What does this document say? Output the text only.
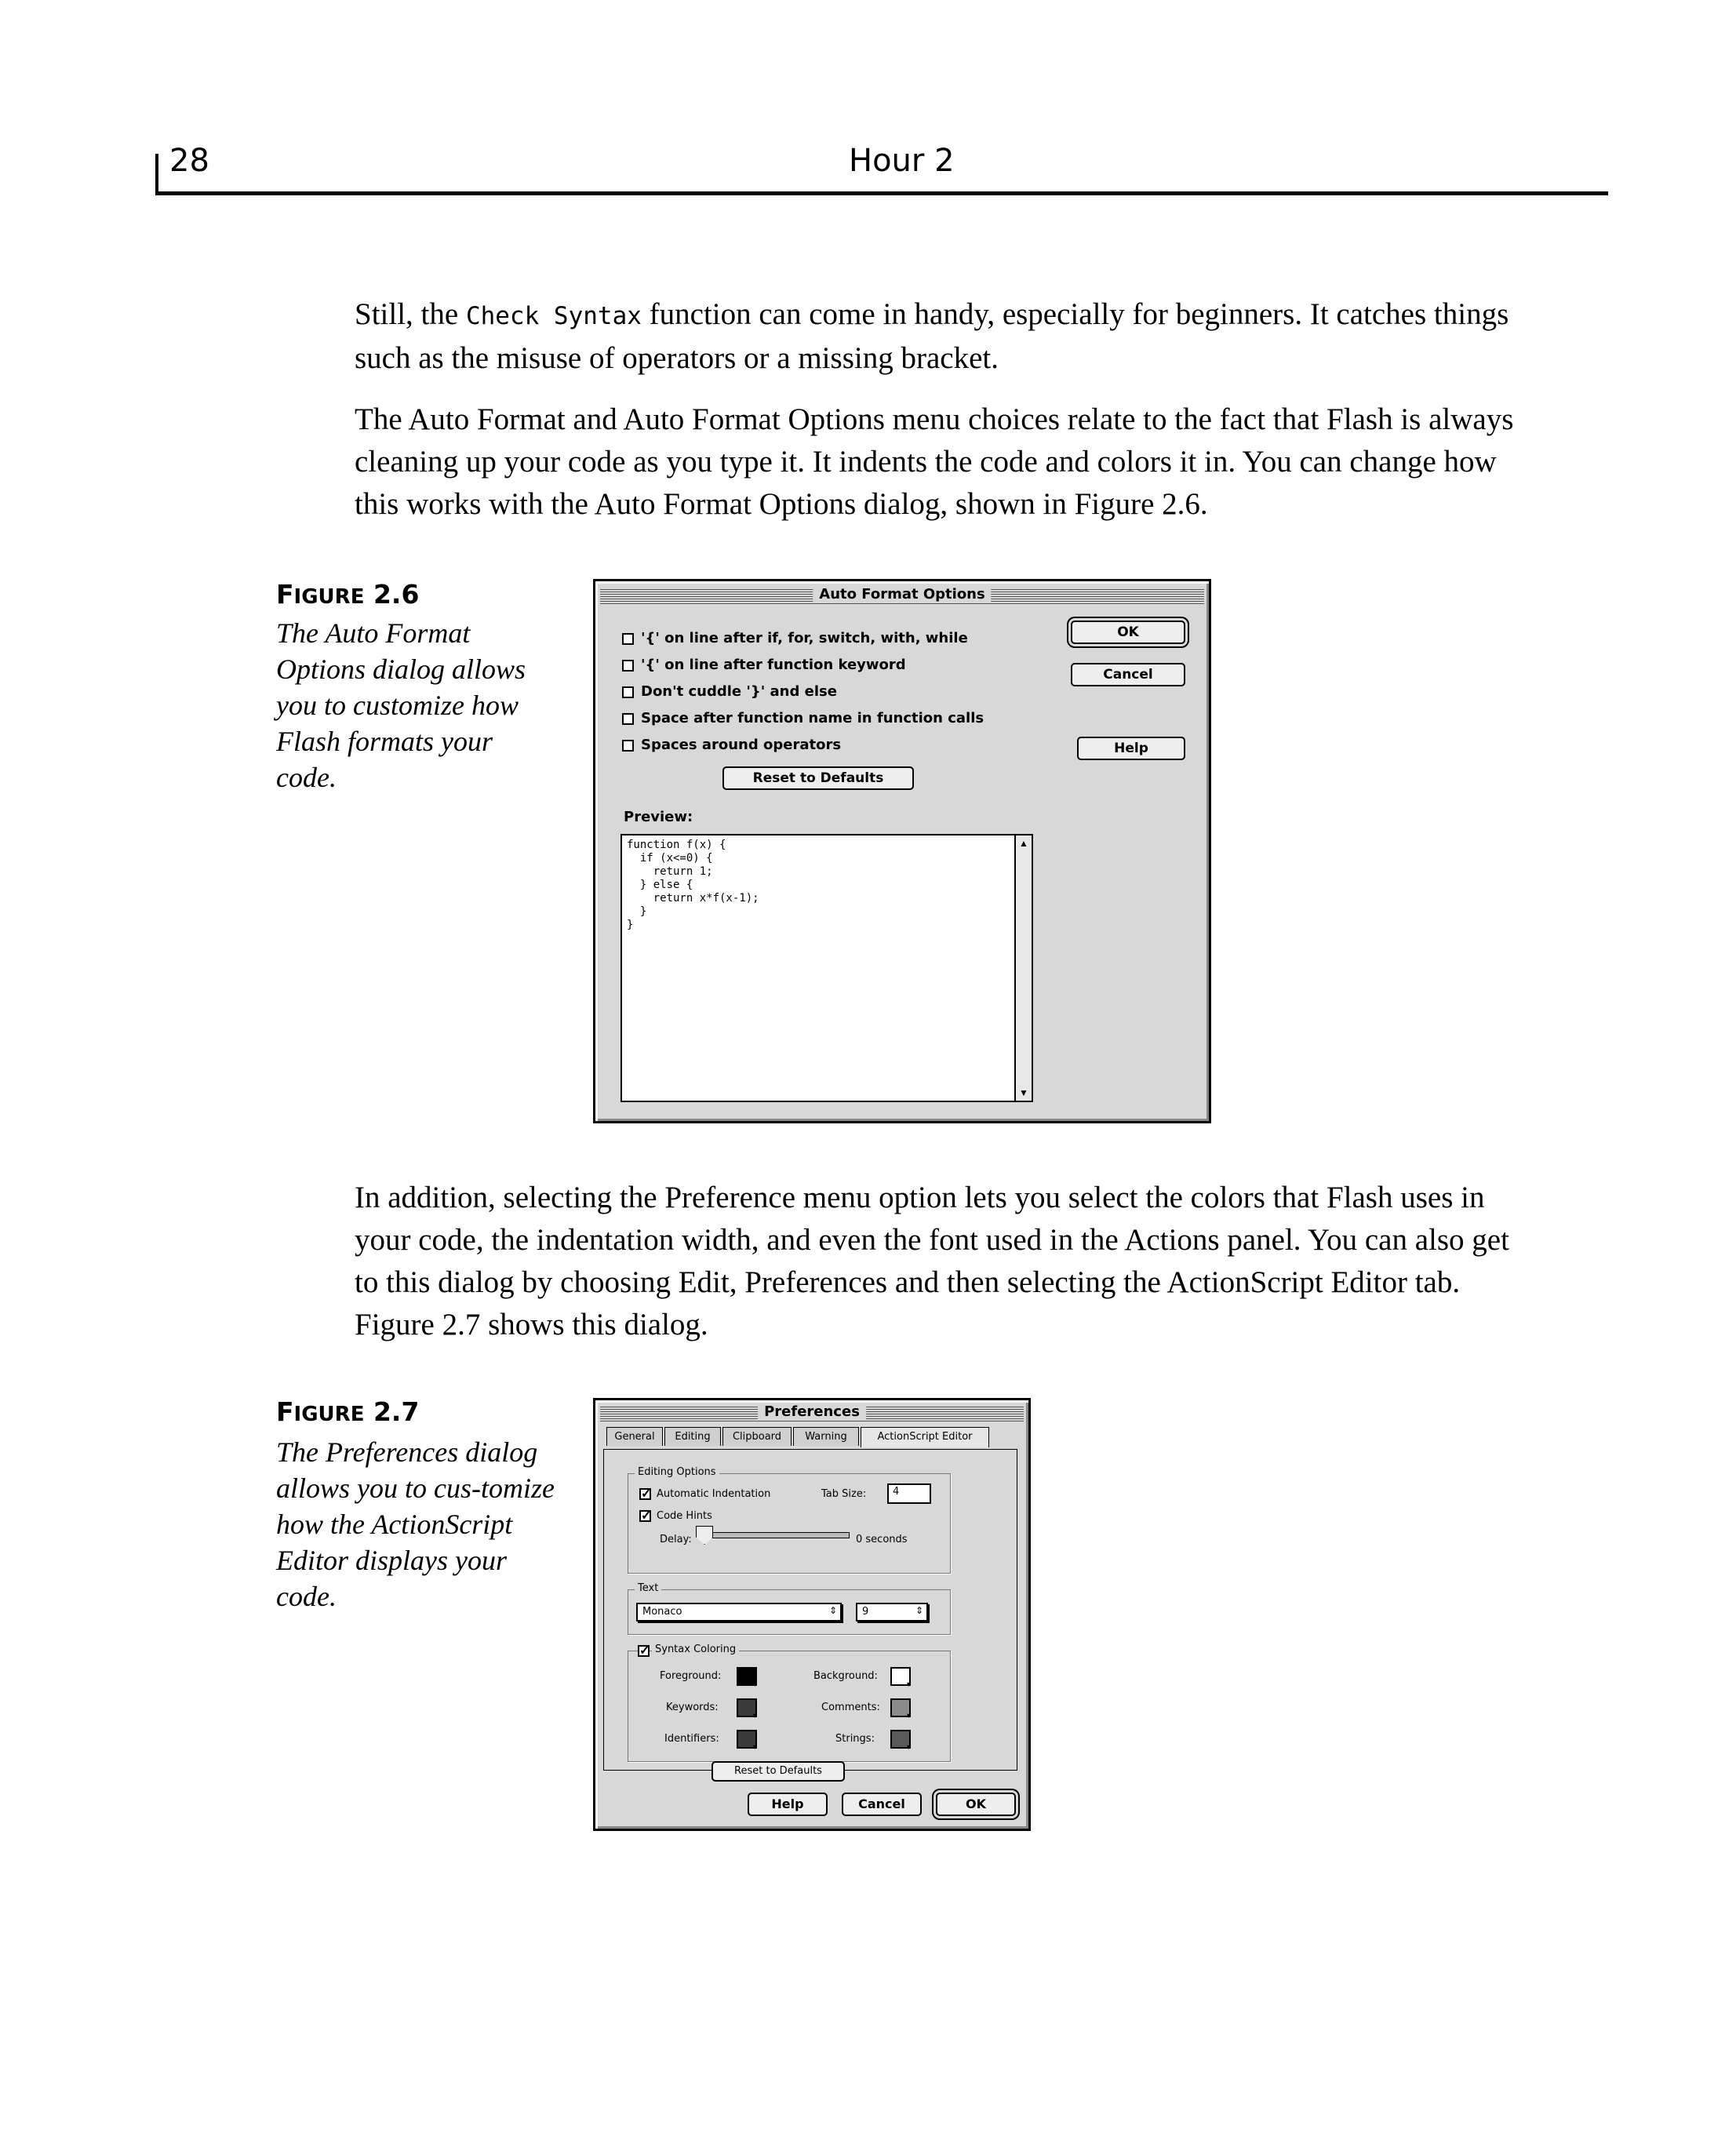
28	Hour 2

Still, the Check Syntax function can come in handy, especially for beginners. It catches things such as the misuse of operators or a missing bracket.

The Auto Format and Auto Format Options menu choices relate to the fact that Flash is always cleaning up your code as you type it. It indents the code and colors it in. You can change how this works with the Auto Format Options dialog, shown in Figure 2.6.

FIGURE 2.6

The Auto Format Options dialog allows you to customize how Flash formats your code.

Auto Format Options
'{' on line after if, for, switch, with, while
'{' on line after function keyword
Don't cuddle '}' and else
Space after function name in function calls
Spaces around operators
OK
Cancel
Help
Reset to Defaults
Preview:
function f(x) {
if (x<=0) {
return 1;
} else {
return x*f(x-1);
}
}
▲
▼

In addition, selecting the Preference menu option lets you select the colors that Flash uses in your code, the indentation width, and even the font used in the Actions panel. You can also get to this dialog by choosing Edit, Preferences and then selecting the ActionScript Editor tab. Figure 2.7 shows this dialog.

FIGURE 2.7

The Preferences dialog allows you to cus-tomize how the ActionScript Editor displays your code.

Preferences
General	Editing	Clipboard	Warning	ActionScript Editor
Editing Options
✓
Automatic Indentation	Tab Size:	4
✓
Code Hints
Delay:	0 seconds
Text
Monaco	⇕	9	⇕
✓
Syntax Coloring
Foreground: ▾	Background:
▾
Keywords: ▾	Comments:
▾
Identifiers: ▾	Strings:
▾
Reset to Defaults
Help	Cancel	OK
